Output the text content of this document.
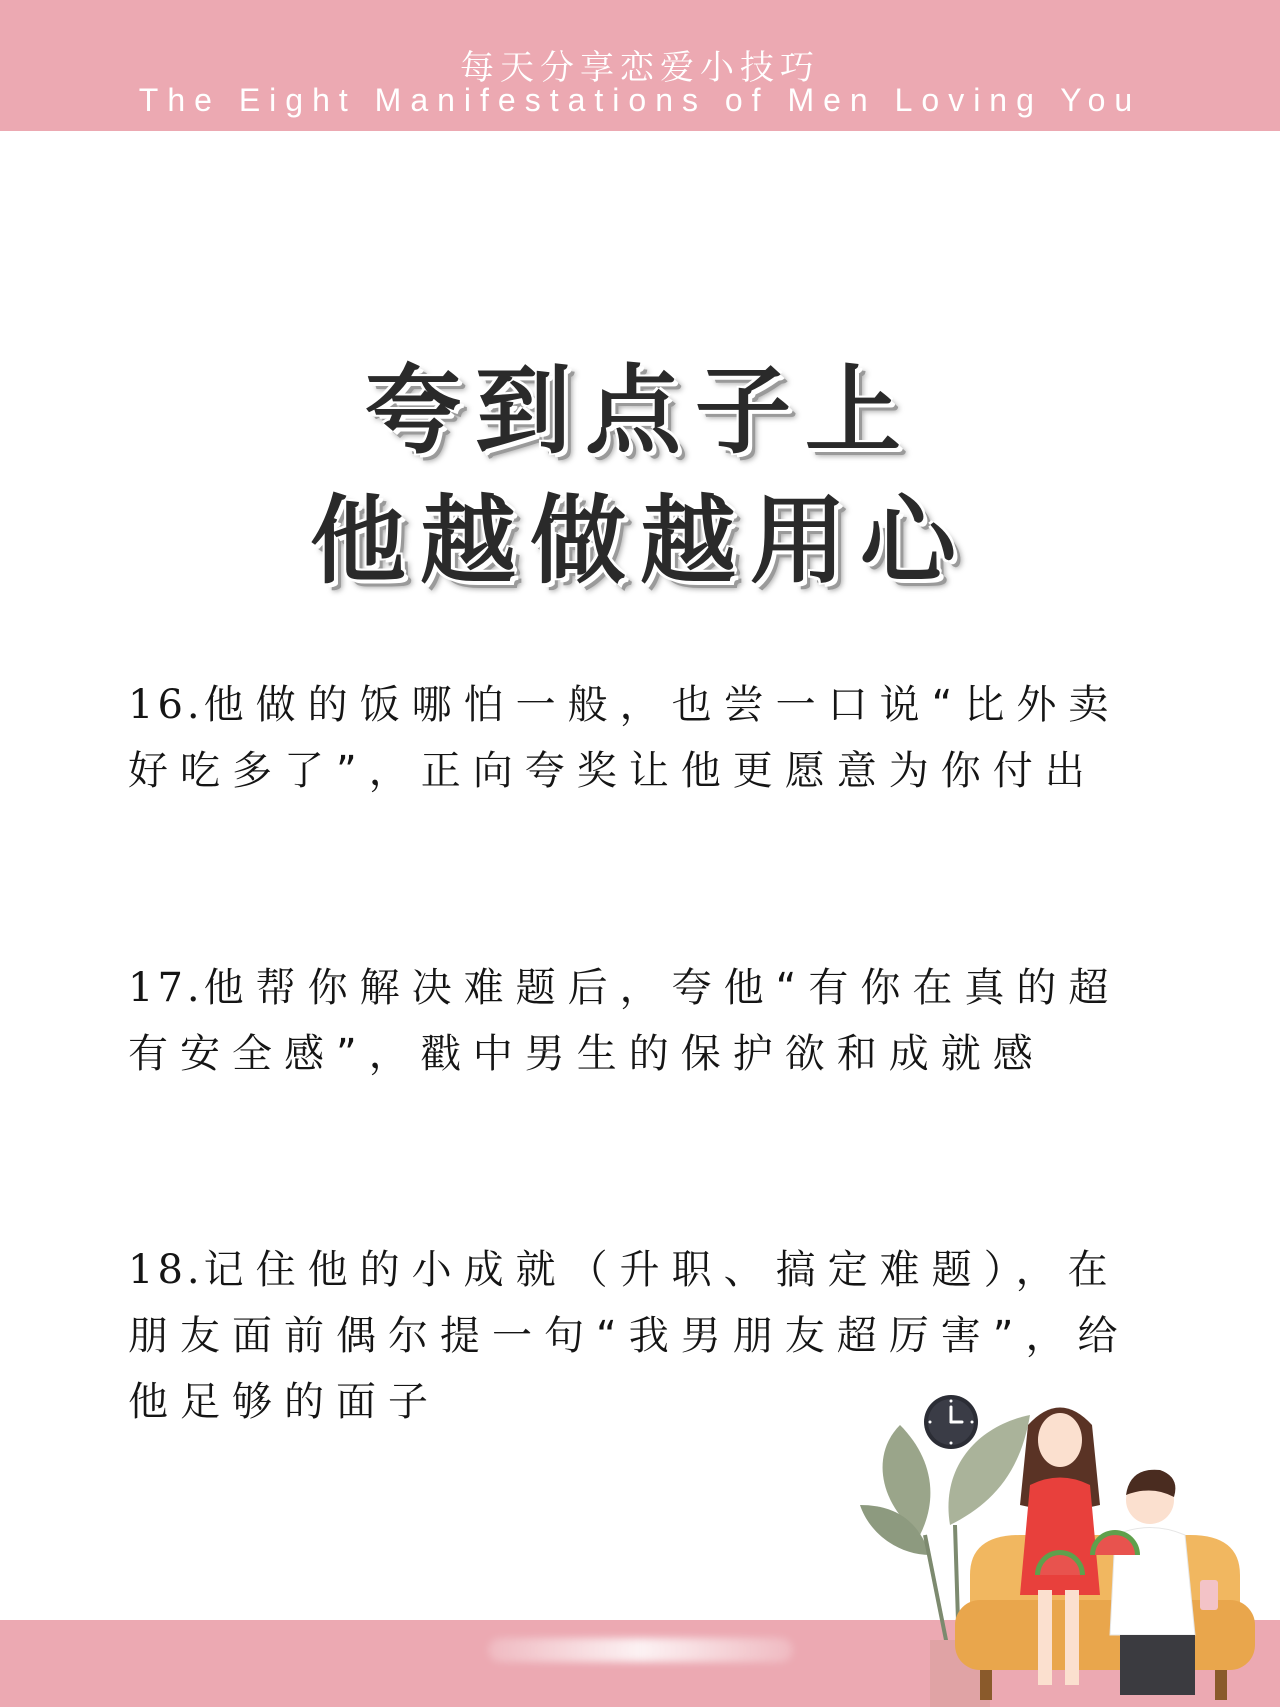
每天分享恋爱小技巧
The Eight Manifestations of Men Loving You
夸到点子上
他越做越用心
16.他做的饭哪怕一般，也尝一口说“比外卖好吃多了”，正向夸奖让他更愿意为你付出
17.他帮你解决难题后，夸他“有你在真的超有安全感”，戳中男生的保护欲和成就感
18.记住他的小成就（升职、搞定难题），在朋友面前偶尔提一句“我男朋友超厉害”，给他足够的面子
